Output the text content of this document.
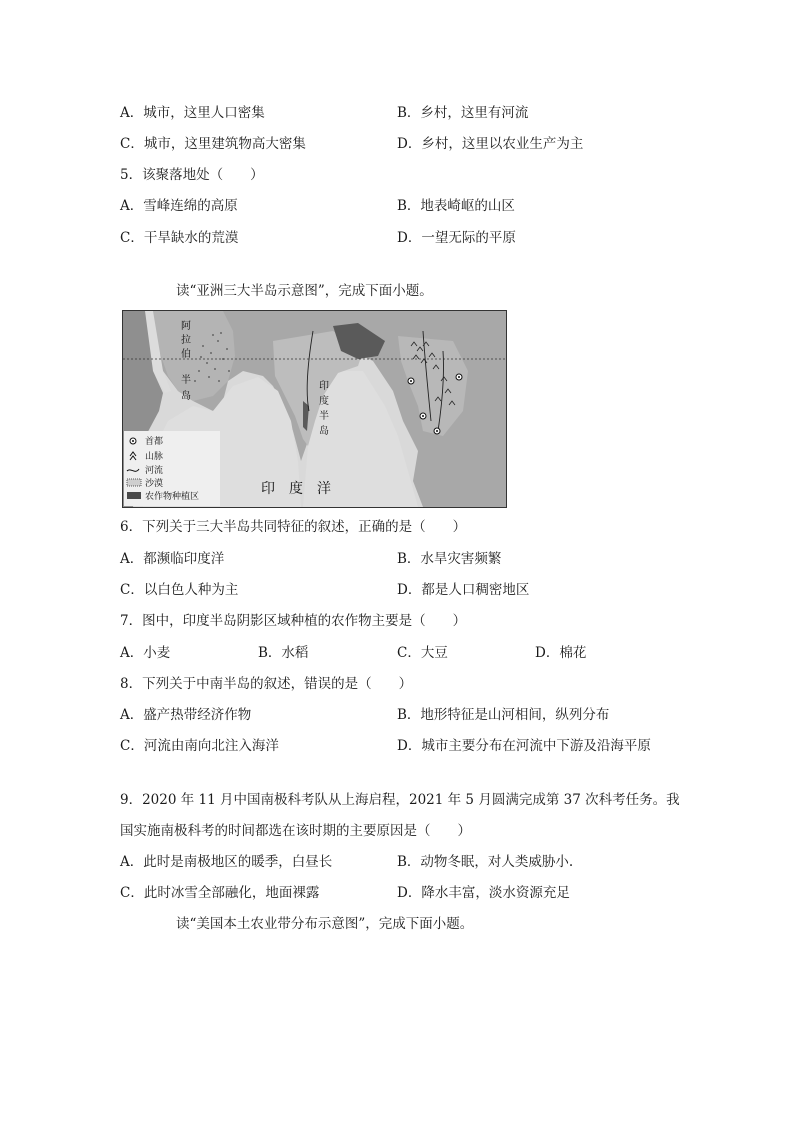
A．城市，这里人口密集	B．乡村，这里有河流
C．城市，这里建筑物高大密集	D．乡村，这里以农业生产为主
5．该聚落地处（　　）
A．雪峰连绵的高原	B．地表崎岖的山区
C．干旱缺水的荒漠	D．一望无际的平原
读“亚洲三大半岛示意图”，完成下面小题。
阿
拉
伯
半
岛
印
度
半
岛
印　度　洋
首都
山脉
河流
沙漠
农作物种植区
6．下列关于三大半岛共同特征的叙述，正确的是（　　）
A．都濒临印度洋	B．水旱灾害频繁
C．以白色人种为主	D．都是人口稠密地区
7．图中，印度半岛阴影区域种植的农作物主要是（　　）
A．小麦	B．水稻	C．大豆	D．棉花
8．下列关于中南半岛的叙述，错误的是（　　）
A．盛产热带经济作物	B．地形特征是山河相间，纵列分布
C．河流由南向北注入海洋	D．城市主要分布在河流中下游及沿海平原
9．2020 年 11 月中国南极科考队从上海启程，2021 年 5 月圆满完成第 37 次科考任务。我
国实施南极科考的时间都选在该时期的主要原因是（　　）
A．此时是南极地区的暖季，白昼长	B．动物冬眠，对人类威胁小.
C．此时冰雪全部融化，地面裸露	D．降水丰富，淡水资源充足
读“美国本土农业带分布示意图”，完成下面小题。
